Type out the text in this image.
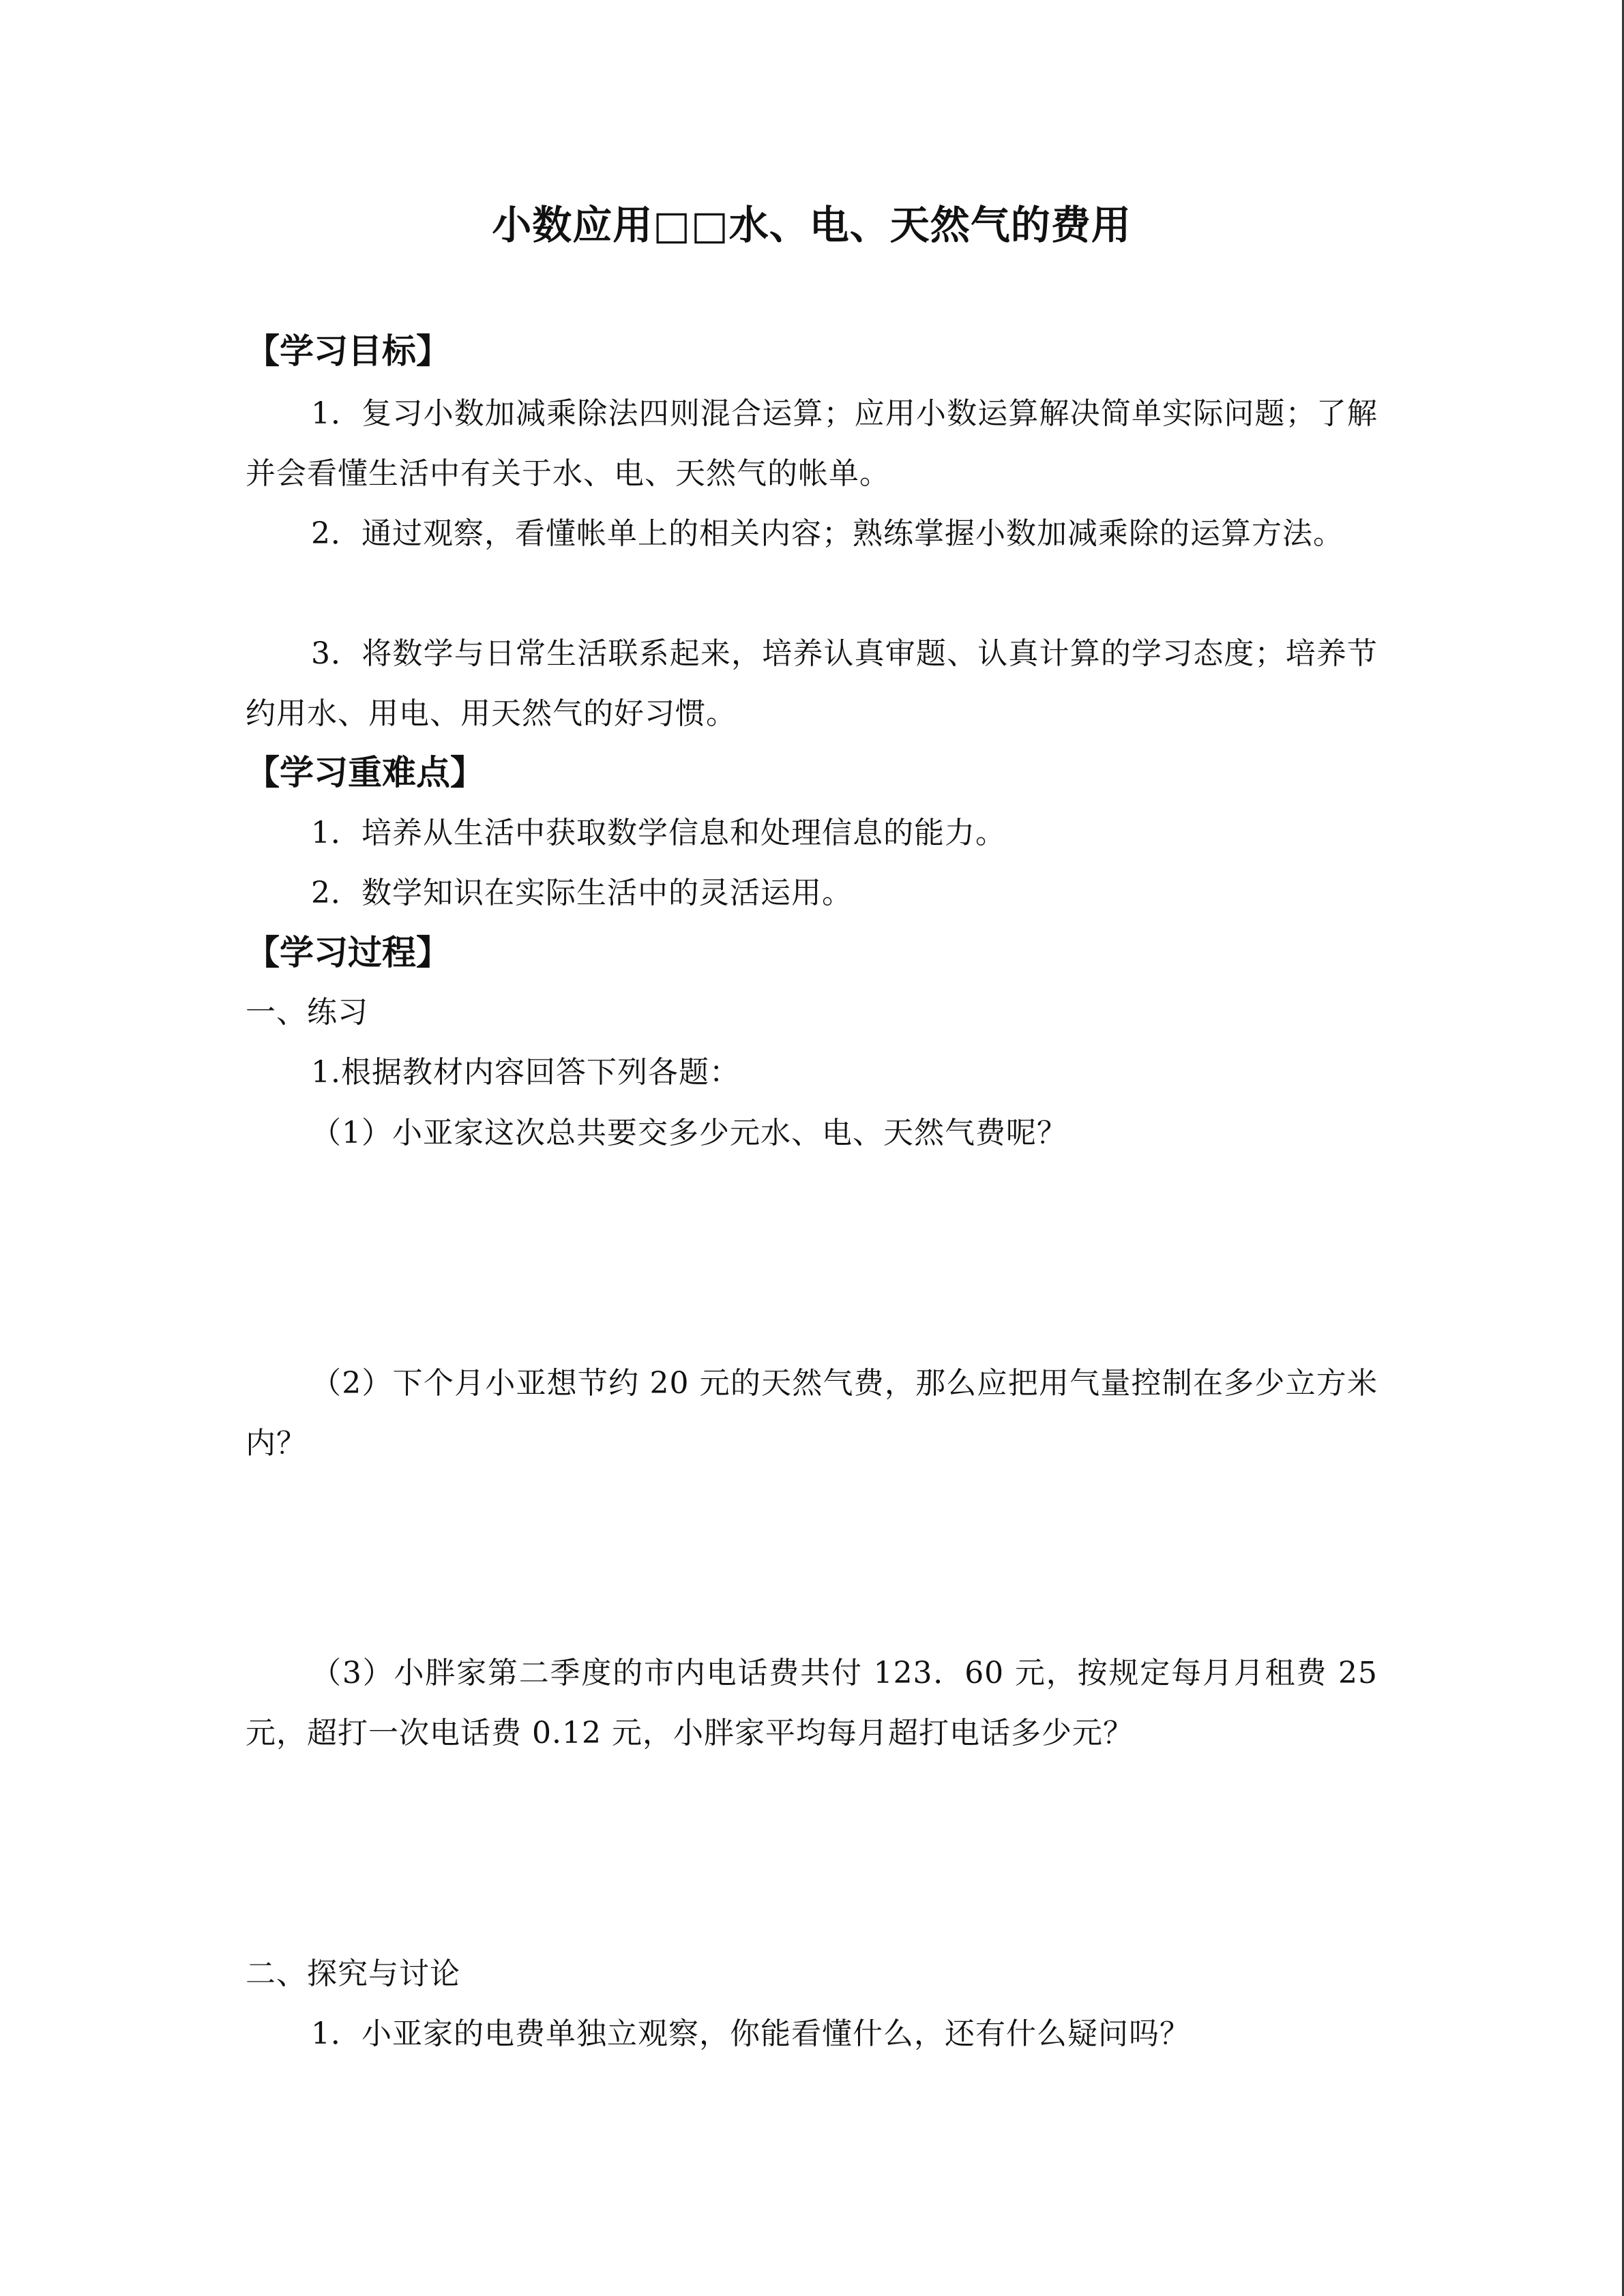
小数应用□□水、电、天然气的费用
【学习目标】
1．复习小数加减乘除法四则混合运算；应用小数运算解决简单实际问题；了解并会看懂生活中有关于水、电、天然气的帐单。
2．通过观察，看懂帐单上的相关内容；熟练掌握小数加减乘除的运算方法。
3．将数学与日常生活联系起来，培养认真审题、认真计算的学习态度；培养节约用水、用电、用天然气的好习惯。
【学习重难点】
1．培养从生活中获取数学信息和处理信息的能力。
2．数学知识在实际生活中的灵活运用。
【学习过程】
一、练习
1.根据教材内容回答下列各题：
（1）小亚家这次总共要交多少元水、电、天然气费呢？
（2）下个月小亚想节约 20 元的天然气费，那么应把用气量控制在多少立方米内？
（3）小胖家第二季度的市内电话费共付 123．60 元，按规定每月月租费 25 元，超打一次电话费 0.12 元，小胖家平均每月超打电话多少元？
二、探究与讨论
1．小亚家的电费单独立观察，你能看懂什么，还有什么疑问吗？
